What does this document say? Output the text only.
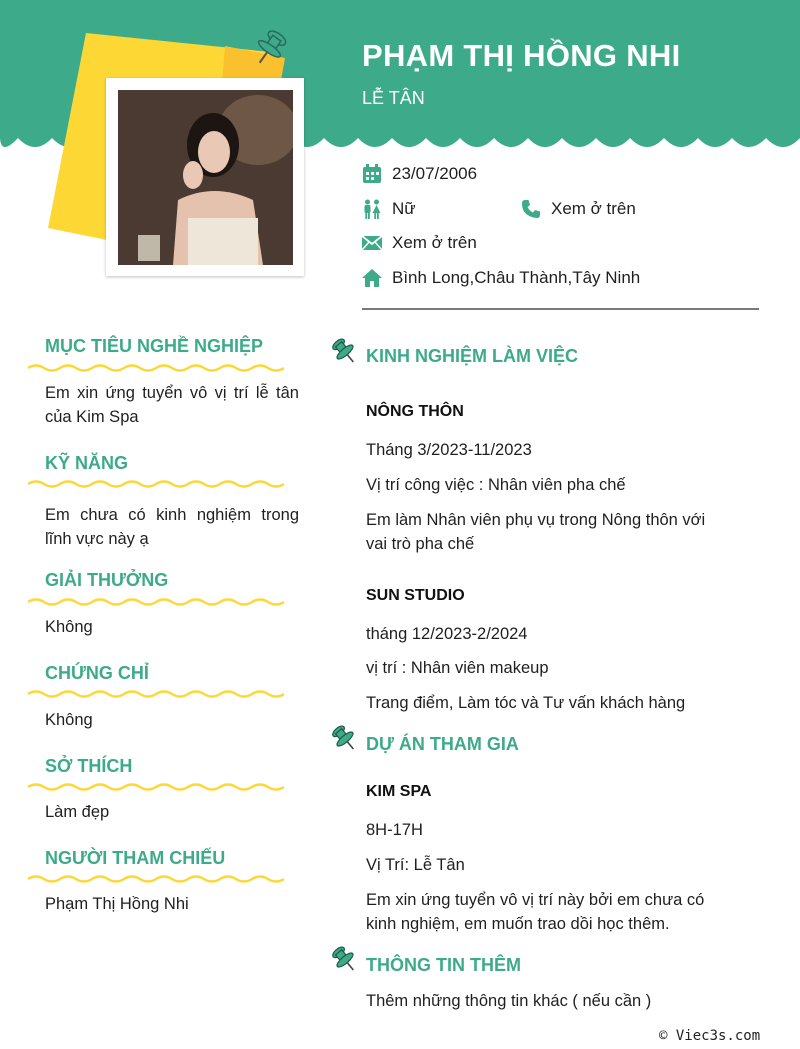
PHẠM THỊ HỒNG NHI
LỄ TÂN
23/07/2006
Nữ	Xem ở trên
Xem ở trên
Bình Long,Châu Thành,Tây Ninh
MỤC TIÊU NGHỀ NGHIỆP
Em xin ứng tuyển vô vị trí lễ tân của Kim Spa
KỸ NĂNG
Em chưa có kinh nghiệm trong lĩnh vực này ạ
GIẢI THƯỞNG
Không
CHỨNG CHỈ
Không
SỞ THÍCH
Làm đẹp
NGƯỜI THAM CHIẾU
Phạm Thị Hồng Nhi
KINH NGHIỆM LÀM VIỆC
NÔNG THÔN
Tháng 3/2023-11/2023
Vị trí công việc : Nhân viên pha chế
Em làm Nhân viên phụ vụ trong Nông thôn với vai trò pha chế
SUN STUDIO
tháng 12/2023-2/2024
vị trí : Nhân viên makeup
Trang điểm, Làm tóc và Tư vấn khách hàng
DỰ ÁN THAM GIA
KIM SPA
8H-17H
Vị Trí: Lễ Tân
Em xin ứng tuyển vô vị trí này bởi em chưa có kinh nghiệm, em muốn trao dồi học thêm.
THÔNG TIN THÊM
Thêm những thông tin khác ( nếu cần )
© Viec3s.com
